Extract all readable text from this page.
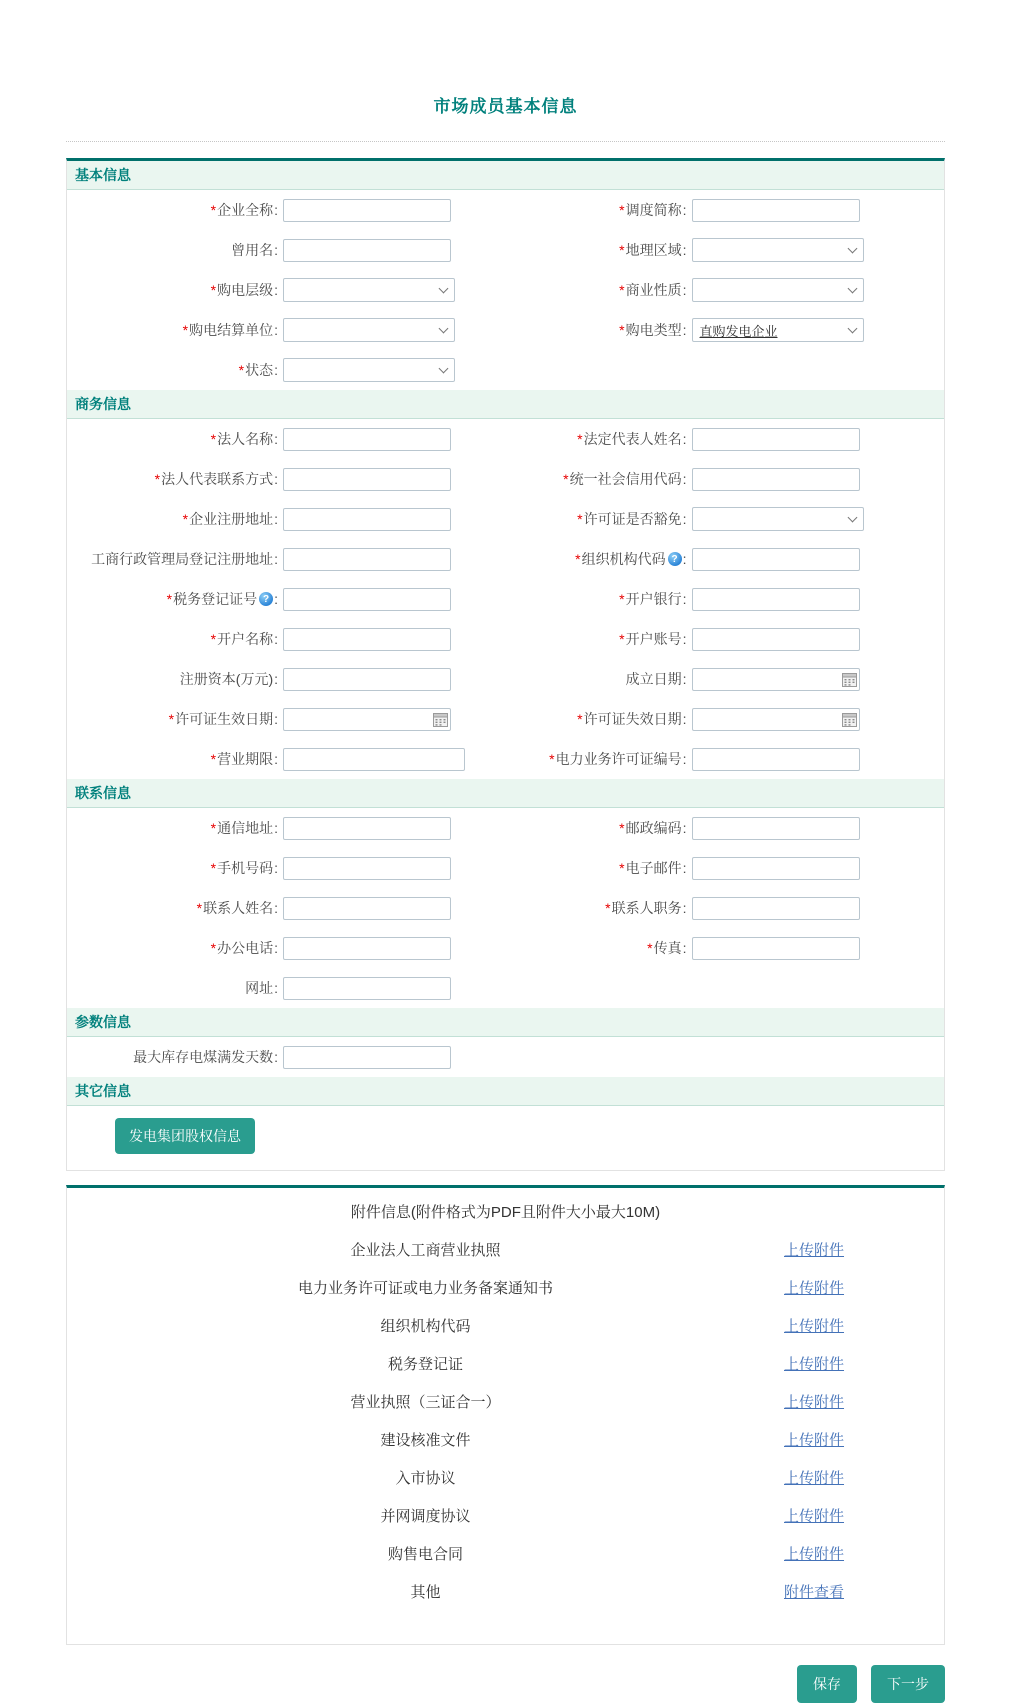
市场成员基本信息
基本信息
* 企业全称 :	* 调度简称 :
曾用名 :	* 地理区域 :
* 购电层级 :	* 商业性质 :
* 购电结算单位 :	* 购电类型 : 直购发电企业
* 状态 :
商务信息
* 法人名称 :	* 法定代表人姓名 :
* 法人代表联系方式 :	* 统一社会信用代码 :
* 企业注册地址 :	* 许可证是否豁免 :
工商行政管理局登记注册地址 :	* 组织机构代码 ? :
* 税务登记证号 ? :	* 开户银行 :
* 开户名称 :	* 开户账号 :
注册资本(万元) :	成立日期 :
* 许可证生效日期 :	* 许可证失效日期 :
* 营业期限 :	* 电力业务许可证编号 :
联系信息
* 通信地址 :	* 邮政编码 :
* 手机号码 :	* 电子邮件 :
* 联系人姓名 :	* 联系人职务 :
* 办公电话 :	* 传真 :
网址 :
参数信息
最大库存电煤满发天数 :
其它信息
发电集团股权信息
附件信息(附件格式为PDF且附件大小最大10M)
企业法人工商营业执照	上传附件
电力业务许可证或电力业务备案通知书	上传附件
组织机构代码	上传附件
税务登记证	上传附件
营业执照（三证合一）	上传附件
建设核准文件	上传附件
入市协议	上传附件
并网调度协议	上传附件
购售电合同	上传附件
其他	附件查看
保存	下一步
